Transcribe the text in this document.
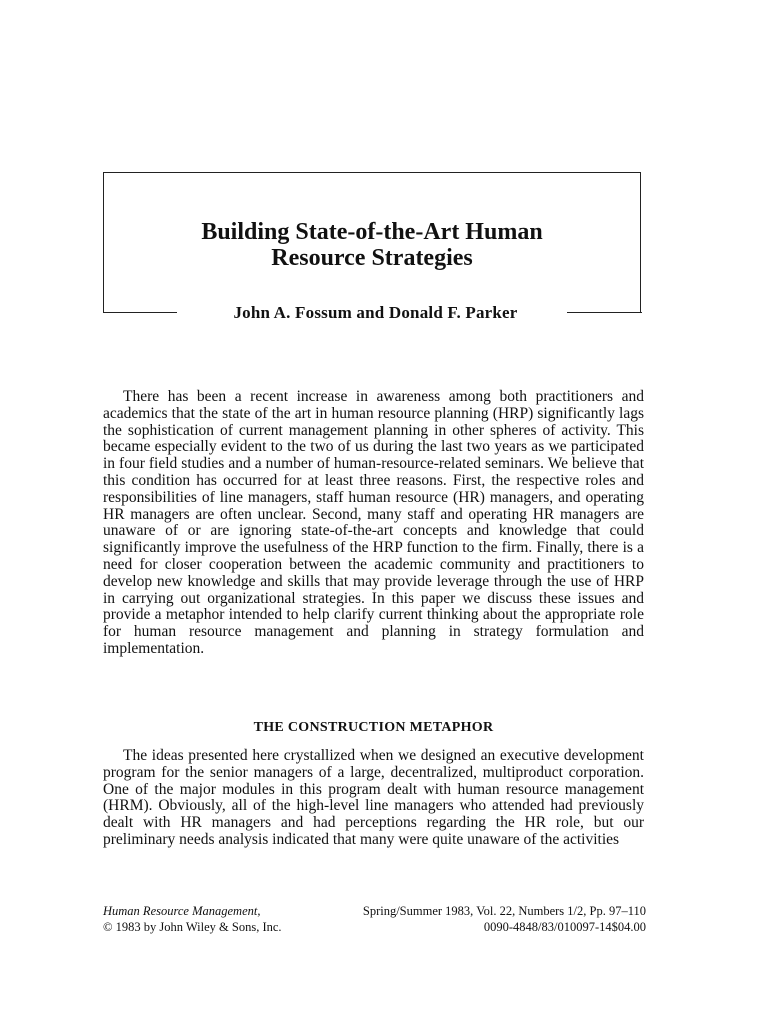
Building State-of-the-Art Human
Resource Strategies
John A. Fossum and Donald F. Parker

There has been a recent increase in awareness among both practitioners and academics that the state of the art in human resource planning (HRP) significantly lags the sophistication of current management planning in other spheres of activity. This became especially evident to the two of us during the last two years as we participated in four field studies and a number of human-resource-related seminars. We believe that this condition has occurred for at least three reasons. First, the respective roles and responsibilities of line managers, staff human resource (HR) managers, and operating HR managers are often unclear. Second, many staff and operating HR managers are unaware of or are ignoring state-of-the-art concepts and knowledge that could significantly improve the usefulness of the HRP function to the firm. Finally, there is a need for closer cooperation between the academic community and practitioners to develop new knowledge and skills that may provide leverage through the use of HRP in carrying out organizational strategies. In this paper we discuss these issues and provide a metaphor intended to help clarify current thinking about the appropriate role for human resource management and planning in strategy formulation and implementation.

THE CONSTRUCTION METAPHOR

The ideas presented here crystallized when we designed an executive development program for the senior managers of a large, decentralized, multiproduct corporation. One of the major modules in this program dealt with human resource management (HRM). Obviously, all of the high-level line managers who attended had previously dealt with HR managers and had perceptions regarding the HR role, but our preliminary needs analysis indicated that many were quite unaware of the activities

Human Resource Management,	Spring/Summer 1983, Vol. 22, Numbers 1/2, Pp. 97–110
© 1983 by John Wiley & Sons, Inc.	0090-4848/83/010097-14$04.00
